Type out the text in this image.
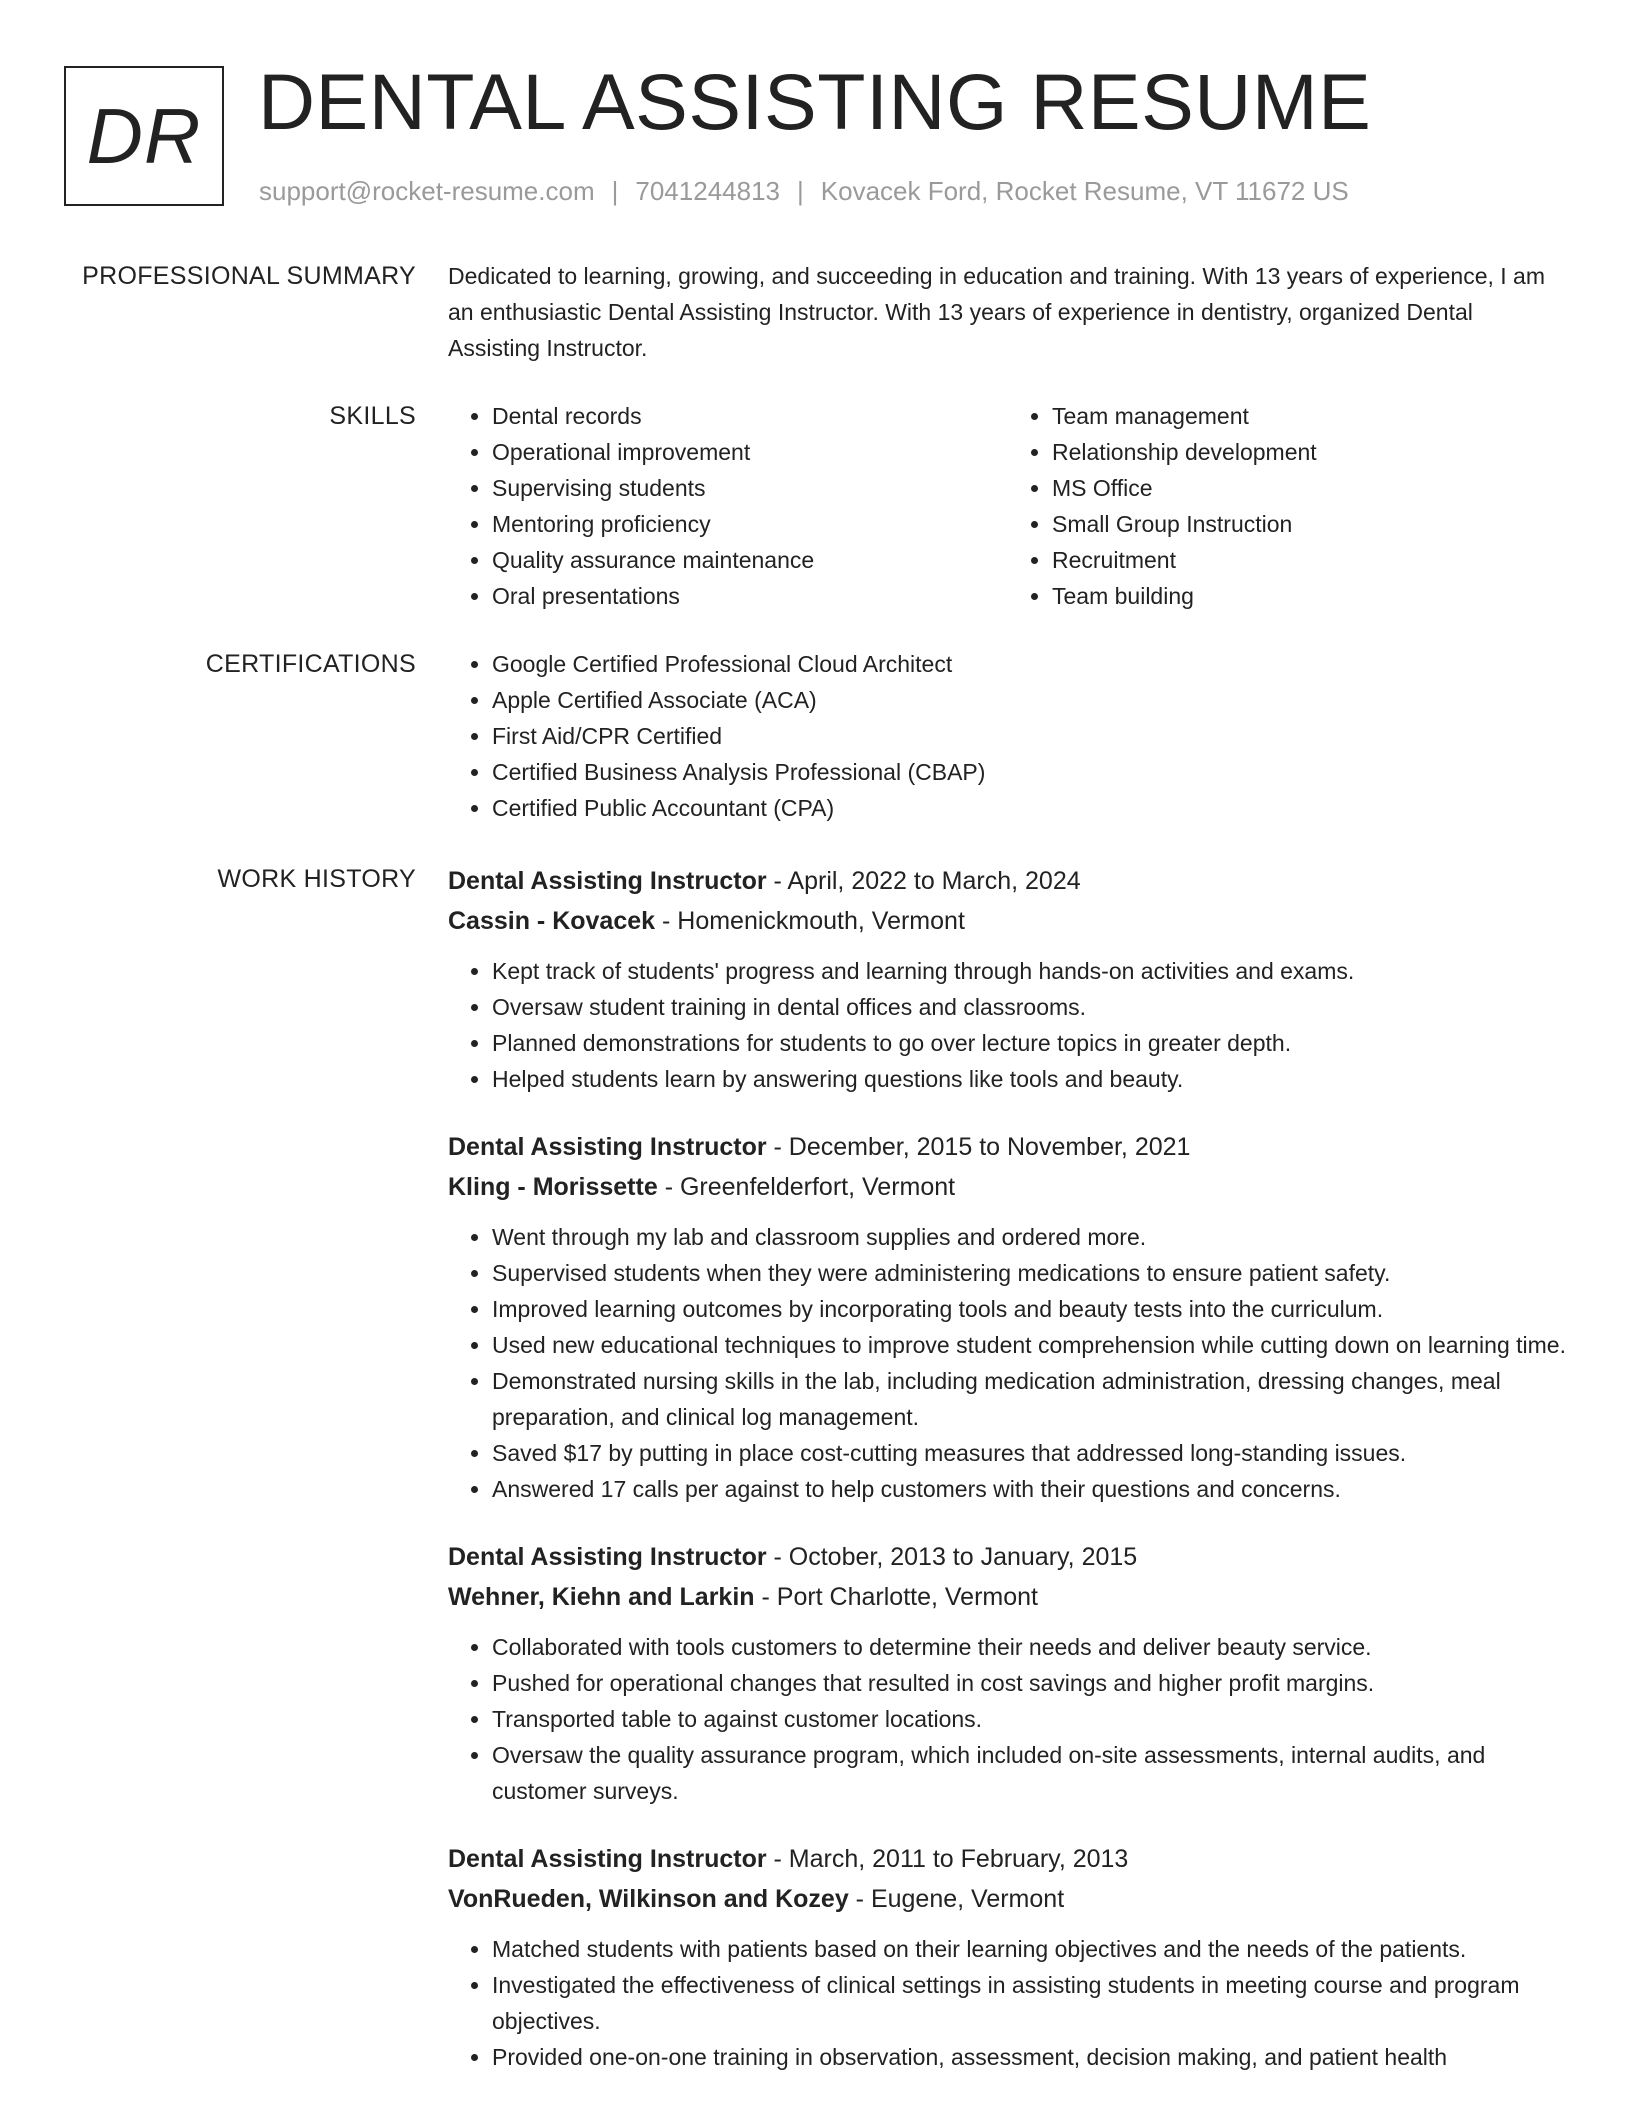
DR DENTAL ASSISTING RESUME
support@rocket-resume.com | 7041244813 | Kovacek Ford, Rocket Resume, VT 11672 US
PROFESSIONAL SUMMARY Dedicated to learning, growing, and succeeding in education and training. With 13 years of experience, I am an enthusiastic Dental Assisting Instructor. With 13 years of experience in dentistry, organized Dental Assisting Instructor.
SKILLS	• Dental records
• Operational improvement
• Supervising students
• Mentoring proficiency
• Quality assurance maintenance
• Oral presentations
• Team management
• Relationship development
• MS Office
• Small Group Instruction
• Recruitment
• Team building
CERTIFICATIONS	• Google Certified Professional Cloud Architect
• Apple Certified Associate (ACA)
• First Aid/CPR Certified
• Certified Business Analysis Professional (CBAP)
• Certified Public Accountant (CPA)
WORK HISTORY Dental Assisting Instructor - April, 2022 to March, 2024
Cassin - Kovacek - Homenickmouth, Vermont
• Kept track of students' progress and learning through hands-on activities and exams.
• Oversaw student training in dental offices and classrooms.
• Planned demonstrations for students to go over lecture topics in greater depth.
• Helped students learn by answering questions like tools and beauty.
Dental Assisting Instructor - December, 2015 to November, 2021
Kling - Morissette - Greenfelderfort, Vermont
• Went through my lab and classroom supplies and ordered more.
• Supervised students when they were administering medications to ensure patient safety.
• Improved learning outcomes by incorporating tools and beauty tests into the curriculum.
• Used new educational techniques to improve student comprehension while cutting down on learning time.
• Demonstrated nursing skills in the lab, including medication administration, dressing changes, meal preparation, and clinical log management.
• Saved $17 by putting in place cost-cutting measures that addressed long-standing issues.
• Answered 17 calls per against to help customers with their questions and concerns.
Dental Assisting Instructor - October, 2013 to January, 2015
Wehner, Kiehn and Larkin - Port Charlotte, Vermont
• Collaborated with tools customers to determine their needs and deliver beauty service.
• Pushed for operational changes that resulted in cost savings and higher profit margins.
• Transported table to against customer locations.
• Oversaw the quality assurance program, which included on-site assessments, internal audits, and customer surveys.
Dental Assisting Instructor - March, 2011 to February, 2013
VonRueden, Wilkinson and Kozey - Eugene, Vermont
• Matched students with patients based on their learning objectives and the needs of the patients.
• Investigated the effectiveness of clinical settings in assisting students in meeting course and program objectives.
• Provided one-on-one training in observation, assessment, decision making, and patient health
